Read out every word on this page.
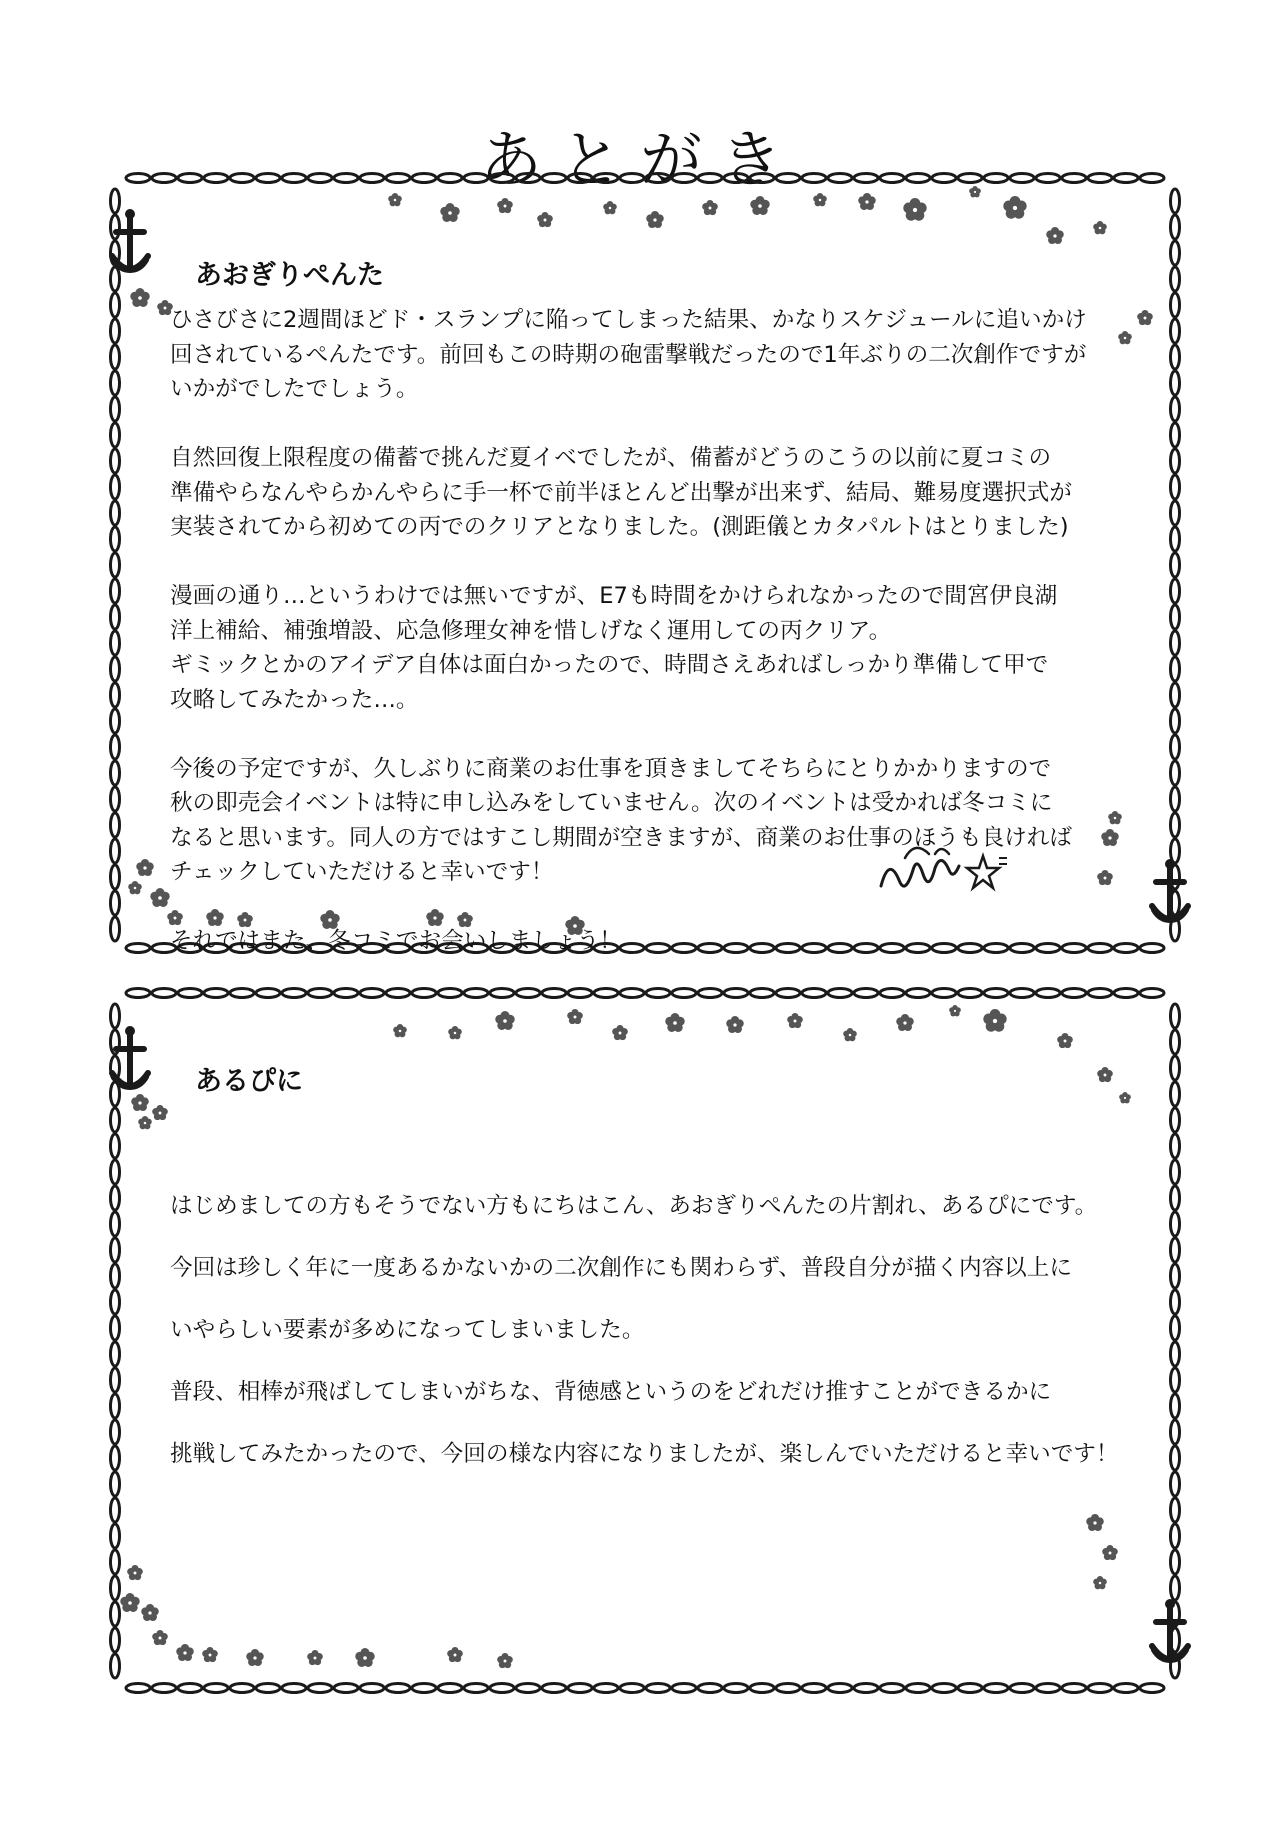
あとがき
あおぎりぺんた

ひさびさに2週間ほどド・スランプに陥ってしまった結果、かなりスケジュールに追いかけ
回されているぺんたです。前回もこの時期の砲雷撃戦だったので1年ぶりの二次創作ですが
いかがでしたでしょう。

自然回復上限程度の備蓄で挑んだ夏イベでしたが、備蓄がどうのこうの以前に夏コミの
準備やらなんやらかんやらに手一杯で前半ほとんど出撃が出来ず、結局、難易度選択式が
実装されてから初めての丙でのクリアとなりました。(測距儀とカタパルトはとりました)

漫画の通り…というわけでは無いですが、E7も時間をかけられなかったので間宮伊良湖
洋上補給、補強増設、応急修理女神を惜しげなく運用しての丙クリア。
ギミックとかのアイデア自体は面白かったので、時間さえあればしっかり準備して甲で
攻略してみたかった…。

今後の予定ですが、久しぶりに商業のお仕事を頂きましてそちらにとりかかりますので
秋の即売会イベントは特に申し込みをしていません。次のイベントは受かれば冬コミに
なると思います。同人の方ではすこし期間が空きますが、商業のお仕事のほうも良ければ
チェックしていただけると幸いです！

それではまた、冬コミでお会いしましょう！

あるぴに

はじめましての方もそうでない方もにちはこん、あおぎりぺんたの片割れ、あるぴにです。

今回は珍しく年に一度あるかないかの二次創作にも関わらず、普段自分が描く内容以上に

いやらしい要素が多めになってしまいました。

普段、相棒が飛ばしてしまいがちな、背徳感というのをどれだけ推すことができるかに

挑戦してみたかったので、今回の様な内容になりましたが、楽しんでいただけると幸いです！
